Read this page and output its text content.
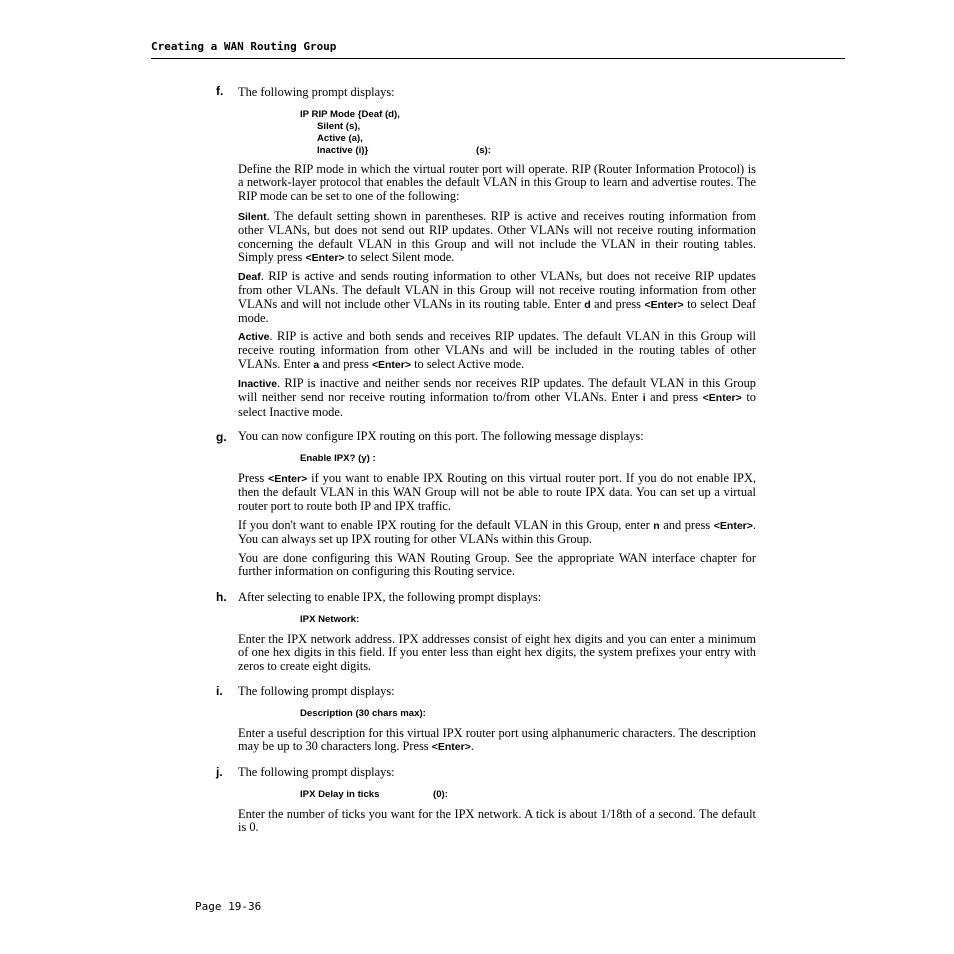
Creating a WAN Routing Group
f. The following prompt displays:

IP RIP Mode {Deaf (d),
Silent (s),
Active (a),
Inactive (i)}	(s):

Define the RIP mode in which the virtual router port will operate. RIP (Router Information Protocol) is a network-layer protocol that enables the default VLAN in this Group to learn and advertise routes. The RIP mode can be set to one of the following:

Silent. The default setting shown in parentheses. RIP is active and receives routing information from other VLANs, but does not send out RIP updates. Other VLANs will not receive routing information concerning the default VLAN in this Group and will not include the VLAN in their routing tables. Simply press <Enter> to select Silent mode.

Deaf. RIP is active and sends routing information to other VLANs, but does not receive RIP updates from other VLANs. The default VLAN in this Group will not receive routing information from other VLANs and will not include other VLANs in its routing table. Enter d and press <Enter> to select Deaf mode.

Active. RIP is active and both sends and receives RIP updates. The default VLAN in this Group will receive routing information from other VLANs and will be included in the routing tables of other VLANs. Enter a and press <Enter> to select Active mode.

Inactive. RIP is inactive and neither sends nor receives RIP updates. The default VLAN in this Group will neither send nor receive routing information to/from other VLANs. Enter i and press <Enter> to select Inactive mode.

g. You can now configure IPX routing on this port. The following message displays:

Enable IPX? (y) :

Press <Enter> if you want to enable IPX Routing on this virtual router port. If you do not enable IPX, then the default VLAN in this WAN Group will not be able to route IPX data. You can set up a virtual router port to route both IP and IPX traffic.

If you don't want to enable IPX routing for the default VLAN in this Group, enter n and press <Enter>. You can always set up IPX routing for other VLANs within this Group.

You are done configuring this WAN Routing Group. See the appropriate WAN interface chapter for further information on configuring this Routing service.

h. After selecting to enable IPX, the following prompt displays:

IPX Network:

Enter the IPX network address. IPX addresses consist of eight hex digits and you can enter a minimum of one hex digits in this field. If you enter less than eight hex digits, the system prefixes your entry with zeros to create eight digits.

i. The following prompt displays:

Description (30 chars max):

Enter a useful description for this virtual IPX router port using alphanumeric characters. The description may be up to 30 characters long. Press <Enter>.

j. The following prompt displays:

IPX Delay in ticks	(0):

Enter the number of ticks you want for the IPX network. A tick is about 1/18th of a second. The default is 0.

Page 19-36
